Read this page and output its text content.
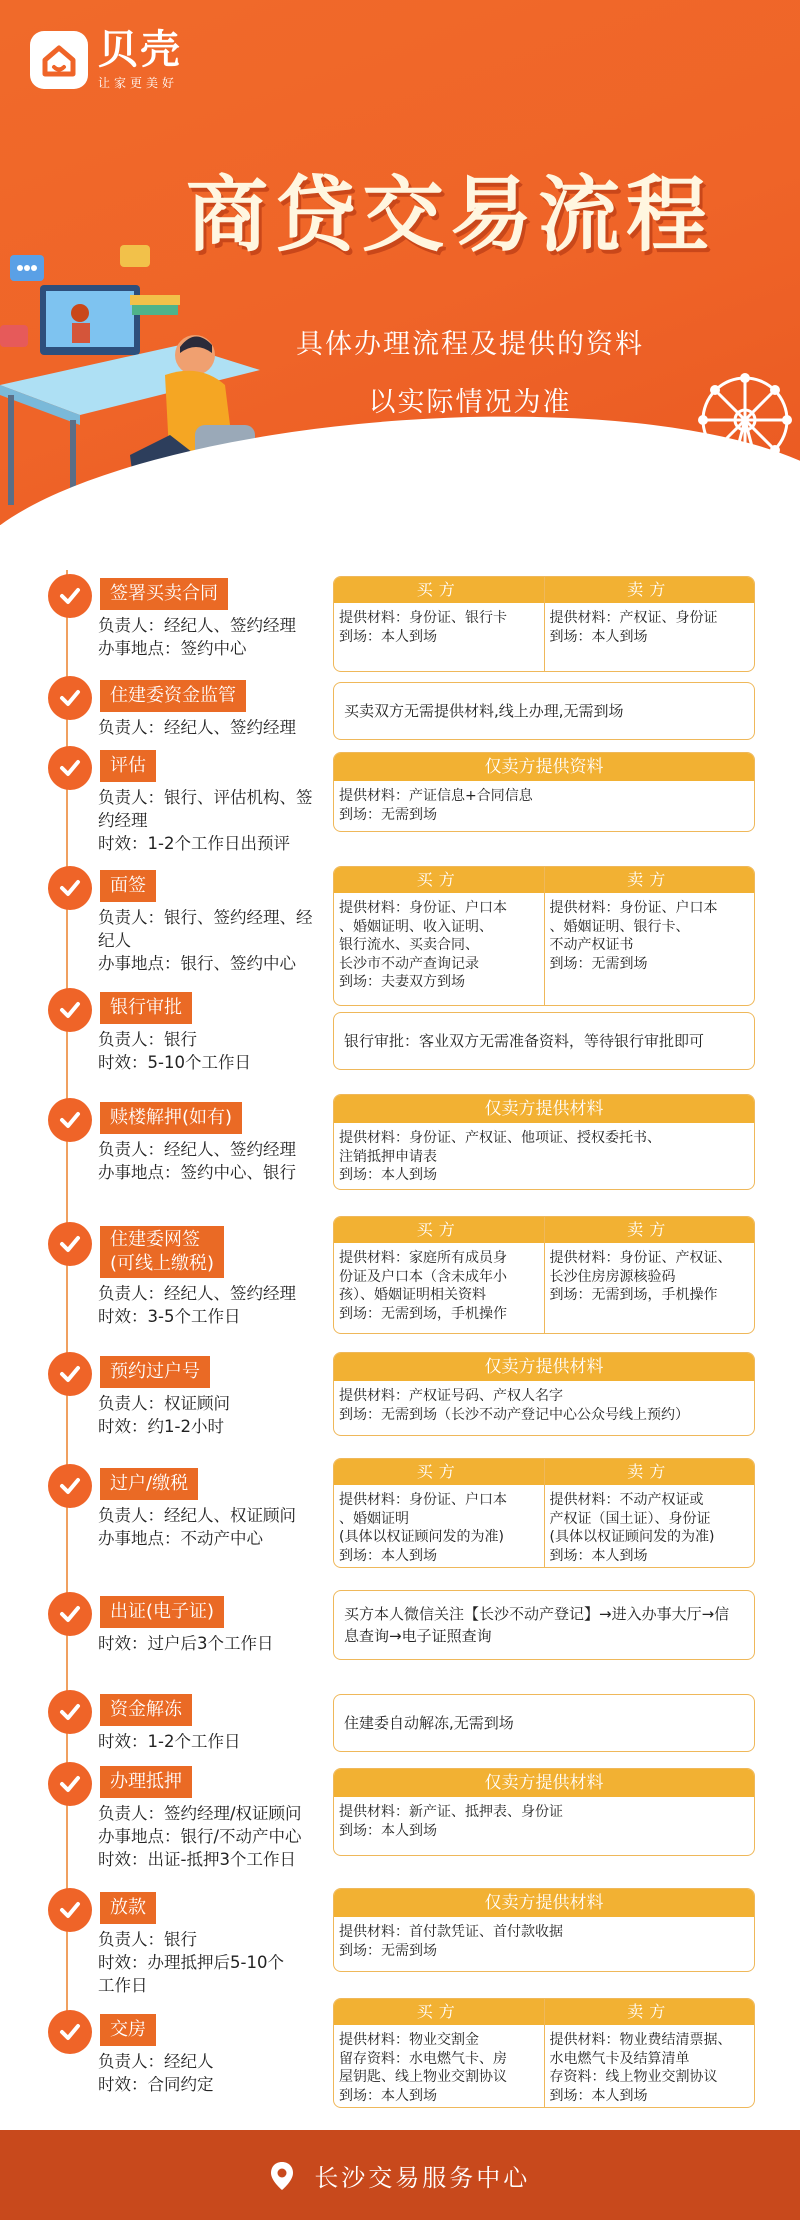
贝壳
让家更美好
商贷交易流程
具体办理流程及提供的资料
以实际情况为准
签署买卖合同
负责人：经纪人、签约经理
办事地点：签约中心
买方
提供材料：身份证、银行卡
到场：本人到场
卖方
提供材料：产权证、身份证
到场：本人到场
住建委资金监管
负责人：经纪人、签约经理
买卖双方无需提供材料,线上办理,无需到场
评估
负责人：银行、评估机构、签约经理
时效：1-2个工作日出预评
仅卖方提供资料
提供材料：产证信息+合同信息
到场：无需到场
面签
负责人：银行、签约经理、经纪人
办事地点：银行、签约中心
买方
提供材料：身份证、户口本
、婚姻证明、收入证明、
银行流水、买卖合同、
长沙市不动产查询记录
到场：夫妻双方到场
卖方
提供材料：身份证、户口本
、婚姻证明、银行卡、
不动产权证书
到场：无需到场
银行审批
负责人：银行
时效：5-10个工作日
银行审批：客业双方无需准备资料，等待银行审批即可
赎楼解押(如有)
负责人：经纪人、签约经理
办事地点：签约中心、银行
仅卖方提供材料
提供材料：身份证、产权证、他项证、授权委托书、
注销抵押申请表
到场：本人到场
住建委网签
(可线上缴税)
负责人：经纪人、签约经理
时效：3-5个工作日
买方
提供材料：家庭所有成员身
份证及户口本（含未成年小
孩）、婚姻证明相关资料
到场：无需到场，手机操作
卖方
提供材料：身份证、产权证、
长沙住房房源核验码
到场：无需到场，手机操作
预约过户号
负责人：权证顾问
时效：约1-2小时
仅卖方提供材料
提供材料：产权证号码、产权人名字
到场：无需到场（长沙不动产登记中心公众号线上预约）
过户/缴税
负责人：经纪人、权证顾问
办事地点：不动产中心
买方
提供材料：身份证、户口本
、婚姻证明
(具体以权证顾问发的为准)
到场：本人到场
卖方
提供材料：不动产权证或
产权证（国土证）、身份证
(具体以权证顾问发的为准)
到场：本人到场
出证(电子证)
时效：过户后3个工作日
买方本人微信关注【长沙不动产登记】→进入办事大厅→信息查询→电子证照查询
资金解冻
时效：1-2个工作日
住建委自动解冻,无需到场
办理抵押
负责人：签约经理/权证顾问
办事地点：银行/不动产中心
时效：出证-抵押3个工作日
仅卖方提供材料
提供材料：新产证、抵押表、身份证
到场：本人到场
放款
负责人：银行
时效：办理抵押后5-10个
工作日
仅卖方提供材料
提供材料：首付款凭证、首付款收据
到场：无需到场
交房
负责人：经纪人
时效：合同约定
买方
提供材料：物业交割金
留存资料：水电燃气卡、房
屋钥匙、线上物业交割协议
到场：本人到场
卖方
提供材料：物业费结清票据、
水电燃气卡及结算清单
存资料：线上物业交割协议
到场：本人到场
长沙交易服务中心
